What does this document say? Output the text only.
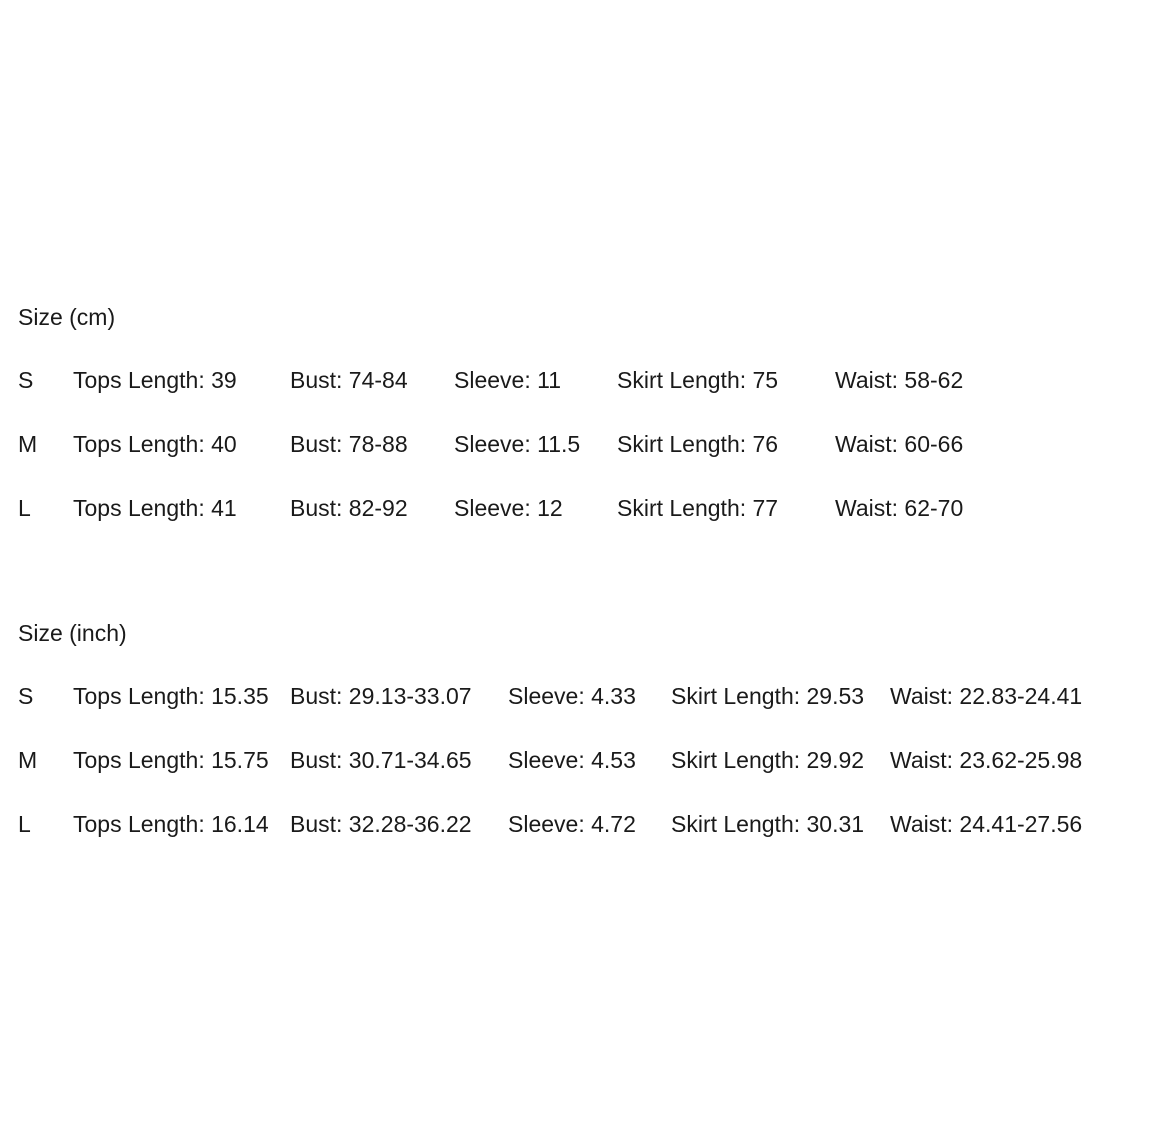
Size (cm)
S Tops Length: 39 Bust: 74-84 Sleeve: 11 Skirt Length: 75 Waist: 58-62
M Tops Length: 40 Bust: 78-88 Sleeve: 11.5 Skirt Length: 76 Waist: 60-66
L Tops Length: 41 Bust: 82-92 Sleeve: 12 Skirt Length: 77 Waist: 62-70
Size (inch)
S Tops Length: 15.35 Bust: 29.13-33.07 Sleeve: 4.33 Skirt Length: 29.53 Waist: 22.83-24.41
M Tops Length: 15.75 Bust: 30.71-34.65 Sleeve: 4.53 Skirt Length: 29.92 Waist: 23.62-25.98
L Tops Length: 16.14 Bust: 32.28-36.22 Sleeve: 4.72 Skirt Length: 30.31 Waist: 24.41-27.56
